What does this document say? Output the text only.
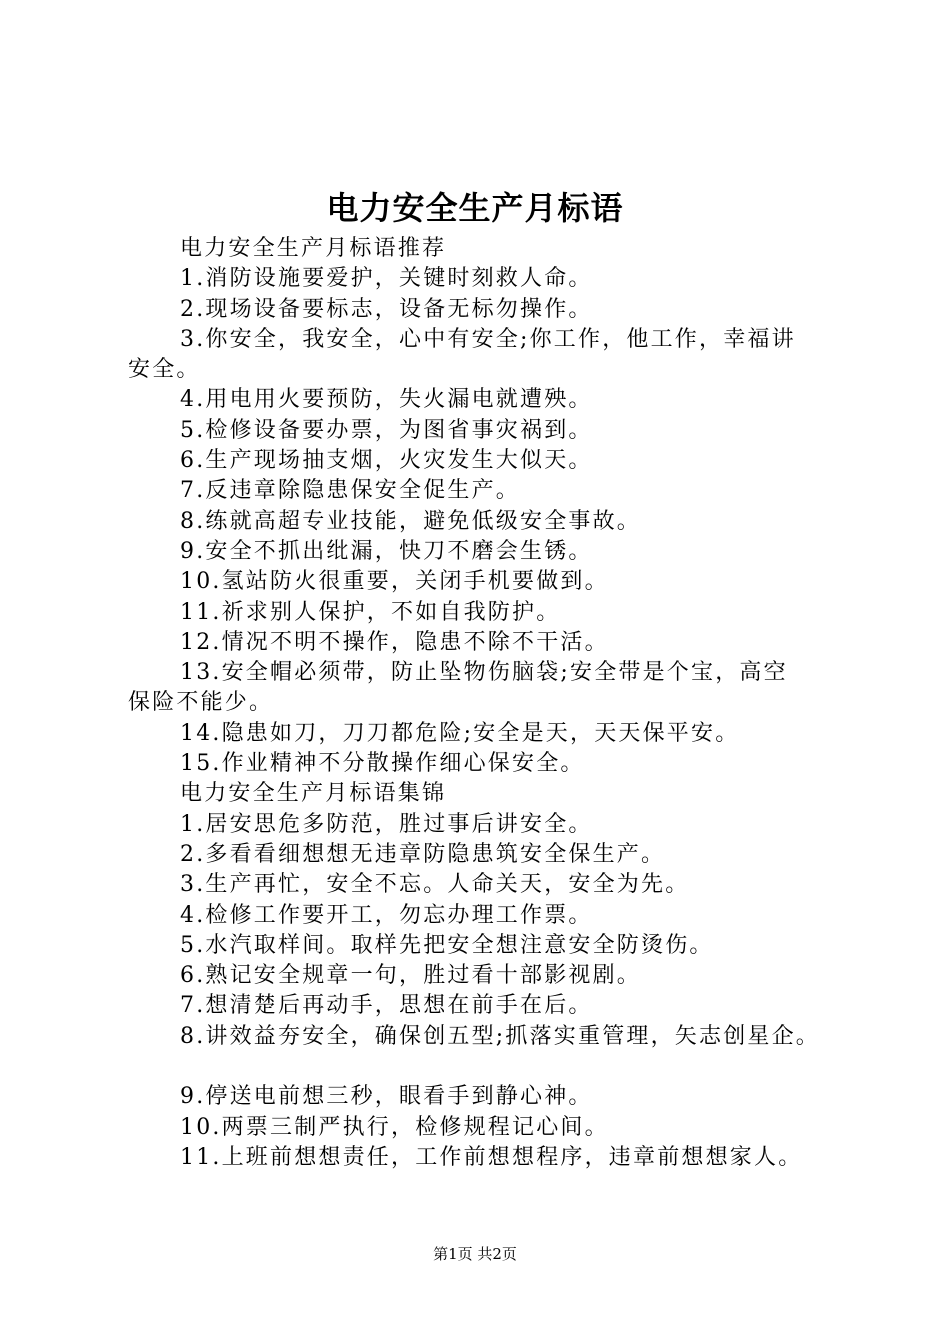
电力安全生产月标语
电力安全生产月标语推荐
1.消防设施要爱护，关键时刻救人命。
2.现场设备要标志，设备无标勿操作。
3.你安全，我安全，心中有安全;你工作，他工作，幸福讲
安全。
4.用电用火要预防，失火漏电就遭殃。
5.检修设备要办票，为图省事灾祸到。
6.生产现场抽支烟，火灾发生大似天。
7.反违章除隐患保安全促生产。
8.练就高超专业技能，避免低级安全事故。
9.安全不抓出纰漏，快刀不磨会生锈。
10.氢站防火很重要，关闭手机要做到。
11.祈求别人保护，不如自我防护。
12.情况不明不操作，隐患不除不干活。
13.安全帽必须带，防止坠物伤脑袋;安全带是个宝，高空
保险不能少。
14.隐患如刀，刀刀都危险;安全是天，天天保平安。
15.作业精神不分散操作细心保安全。
电力安全生产月标语集锦
1.居安思危多防范，胜过事后讲安全。
2.多看看细想想无违章防隐患筑安全保生产。
3.生产再忙，安全不忘。人命关天，安全为先。
4.检修工作要开工，勿忘办理工作票。
5.水汽取样间。取样先把安全想注意安全防烫伤。
6.熟记安全规章一句，胜过看十部影视剧。
7.想清楚后再动手，思想在前手在后。
8.讲效益夯安全，确保创五型;抓落实重管理，矢志创星企。
9.停送电前想三秒，眼看手到静心神。
10.两票三制严执行，检修规程记心间。
11.上班前想想责任，工作前想想程序，违章前想想家人。
第1页 共2页
